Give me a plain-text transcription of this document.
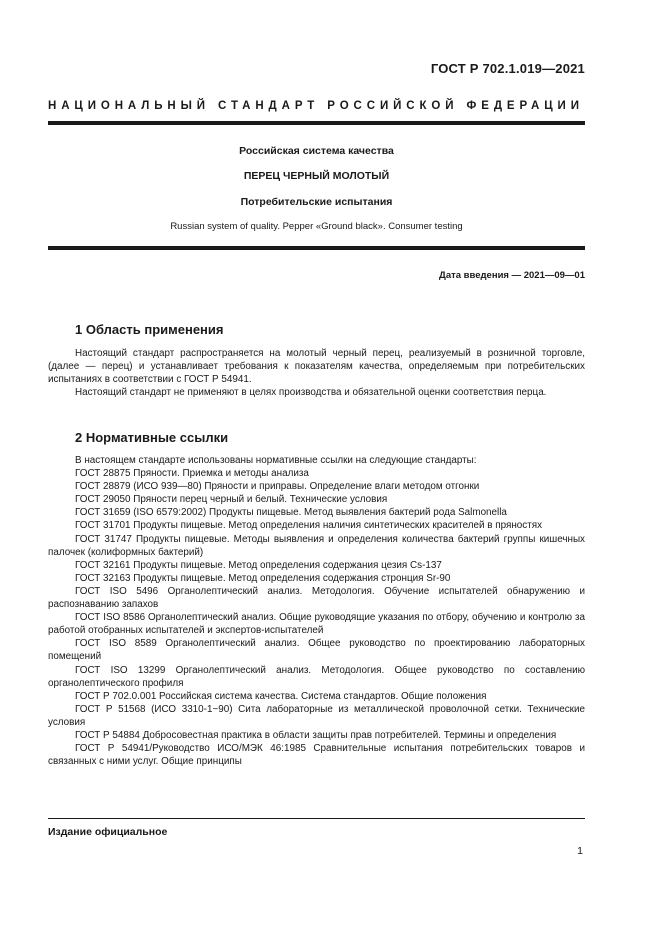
ГОСТ Р 702.1.019—2021
НАЦИОНАЛЬНЫЙ СТАНДАРТ РОССИЙСКОЙ ФЕДЕРАЦИИ
Российская система качества
ПЕРЕЦ ЧЕРНЫЙ МОЛОТЫЙ
Потребительские испытания
Russian system of quality. Pepper «Ground black». Consumer testing
Дата введения — 2021—09—01
1 Область применения

Настоящий стандарт распространяется на молотый черный перец, реализуемый в розничной торговле, (далее — перец) и устанавливает требования к показателям качества, определяемым при потребительских испытаниях в соответствии с ГОСТ Р 54941.

Настоящий стандарт не применяют в целях производства и обязательной оценки соответствия перца.

2 Нормативные ссылки
В настоящем стандарте использованы нормативные ссылки на следующие стандарты:
ГОСТ 28875 Пряности. Приемка и методы анализа
ГОСТ 28879 (ИСО 939—80) Пряности и приправы. Определение влаги методом отгонки
ГОСТ 29050 Пряности перец черный и белый. Технические условия
ГОСТ 31659 (ISO 6579:2002) Продукты пищевые. Метод выявления бактерий рода Salmonella
ГОСТ 31701 Продукты пищевые. Метод определения наличия синтетических красителей в пряностях
ГОСТ 31747 Продукты пищевые. Методы выявления и определения количества бактерий группы кишечных палочек (колиформных бактерий)
ГОСТ 32161 Продукты пищевые. Метод определения содержания цезия Cs-137
ГОСТ 32163 Продукты пищевые. Метод определения содержания стронция Sr-90
ГОСТ ISO 5496 Органолептический анализ. Методология. Обучение испытателей обнаружению и распознаванию запахов
ГОСТ ISO 8586 Органолептический анализ. Общие руководящие указания по отбору, обучению и контролю за работой отобранных испытателей и экспертов-испытателей
ГОСТ ISO 8589 Органолептический анализ. Общее руководство по проектированию лабораторных помещений
ГОСТ ISO 13299 Органолептический анализ. Методология. Общее руководство по составлению органолептического профиля
ГОСТ Р 702.0.001 Российская система качества. Система стандартов. Общие положения
ГОСТ Р 51568 (ИСО 3310-1−90) Сита лабораторные из металлической проволочной сетки. Технические условия
ГОСТ Р 54884 Добросовестная практика в области защиты прав потребителей. Термины и определения
ГОСТ Р 54941/Руководство ИСО/МЭК 46:1985 Сравнительные испытания потребительских товаров и связанных с ними услуг. Общие принципы
Издание официальное
1
